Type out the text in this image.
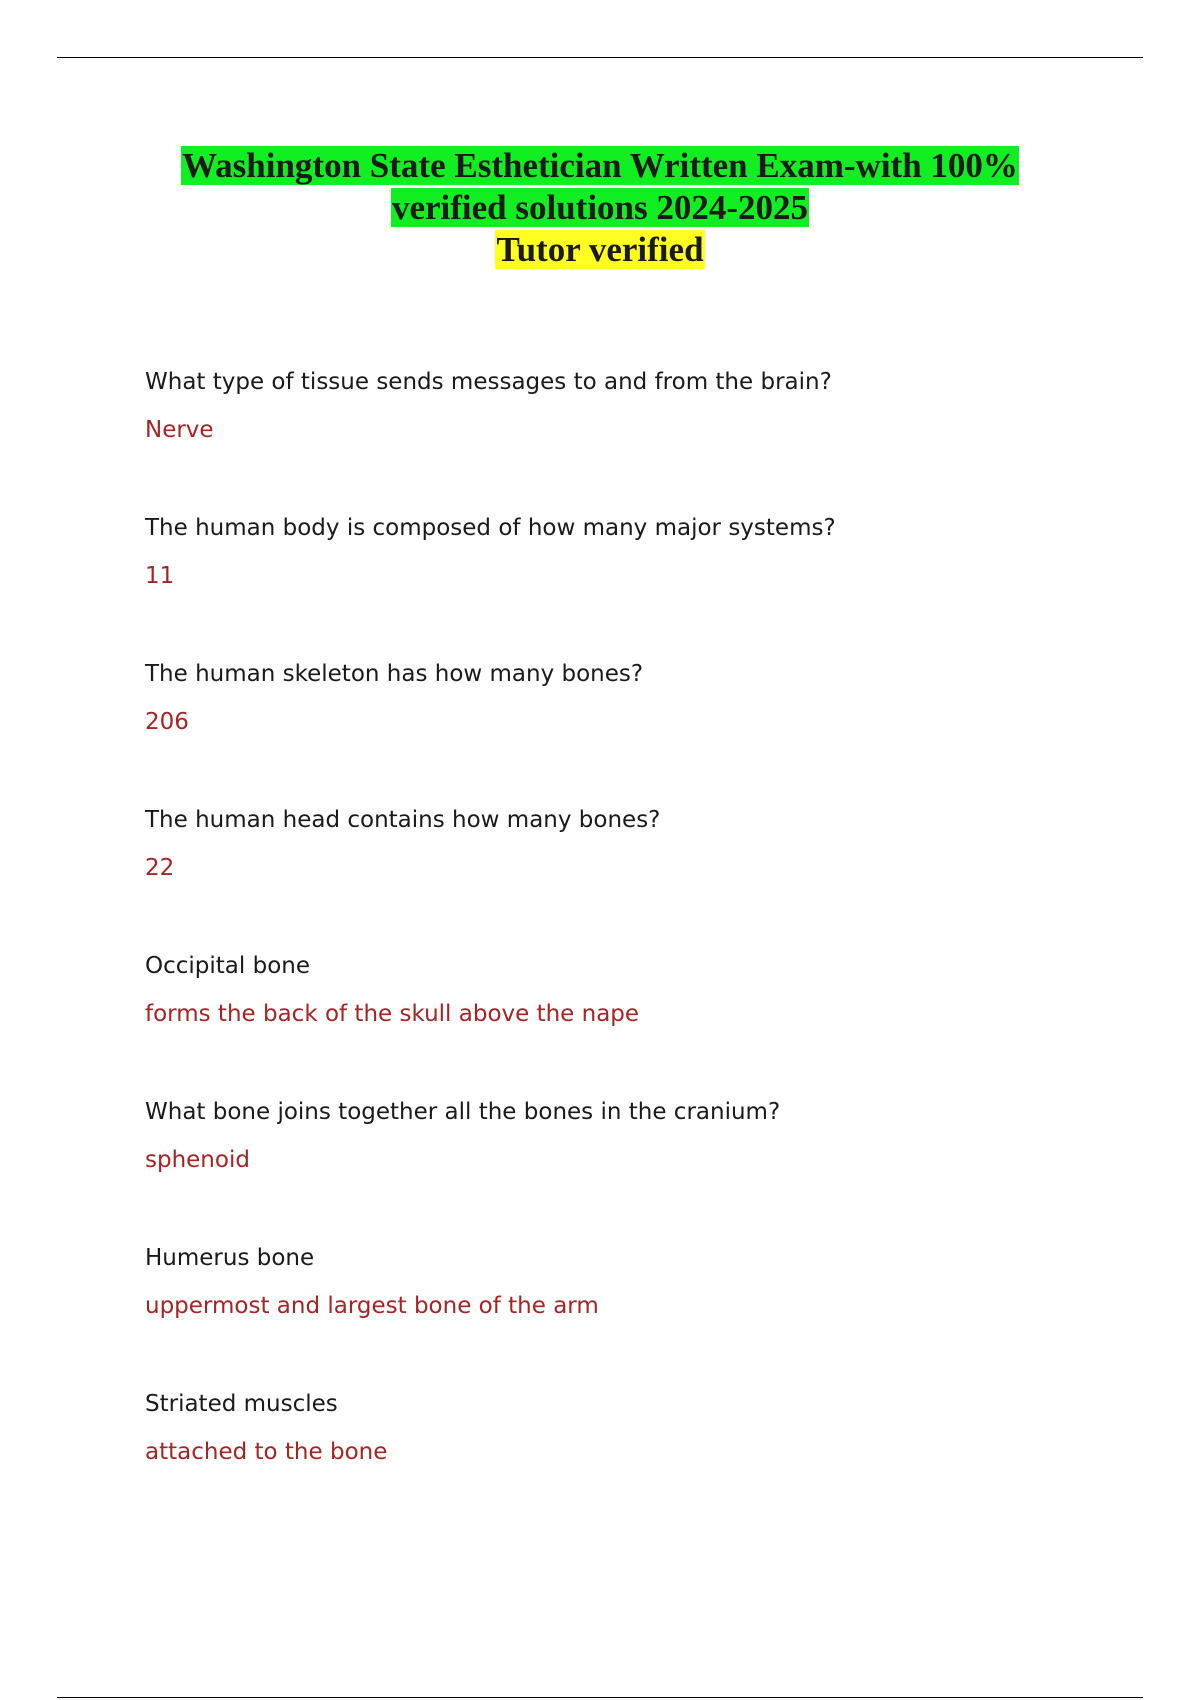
Washington State Esthetician Written Exam-with 100%
verified solutions 2024-2025
Tutor verified

What type of tissue sends messages to and from the brain?

Nerve

The human body is composed of how many major systems?

11

The human skeleton has how many bones?

206

The human head contains how many bones?

22

Occipital bone

forms the back of the skull above the nape

What bone joins together all the bones in the cranium?

sphenoid

Humerus bone

uppermost and largest bone of the arm

Striated muscles

attached to the bone
